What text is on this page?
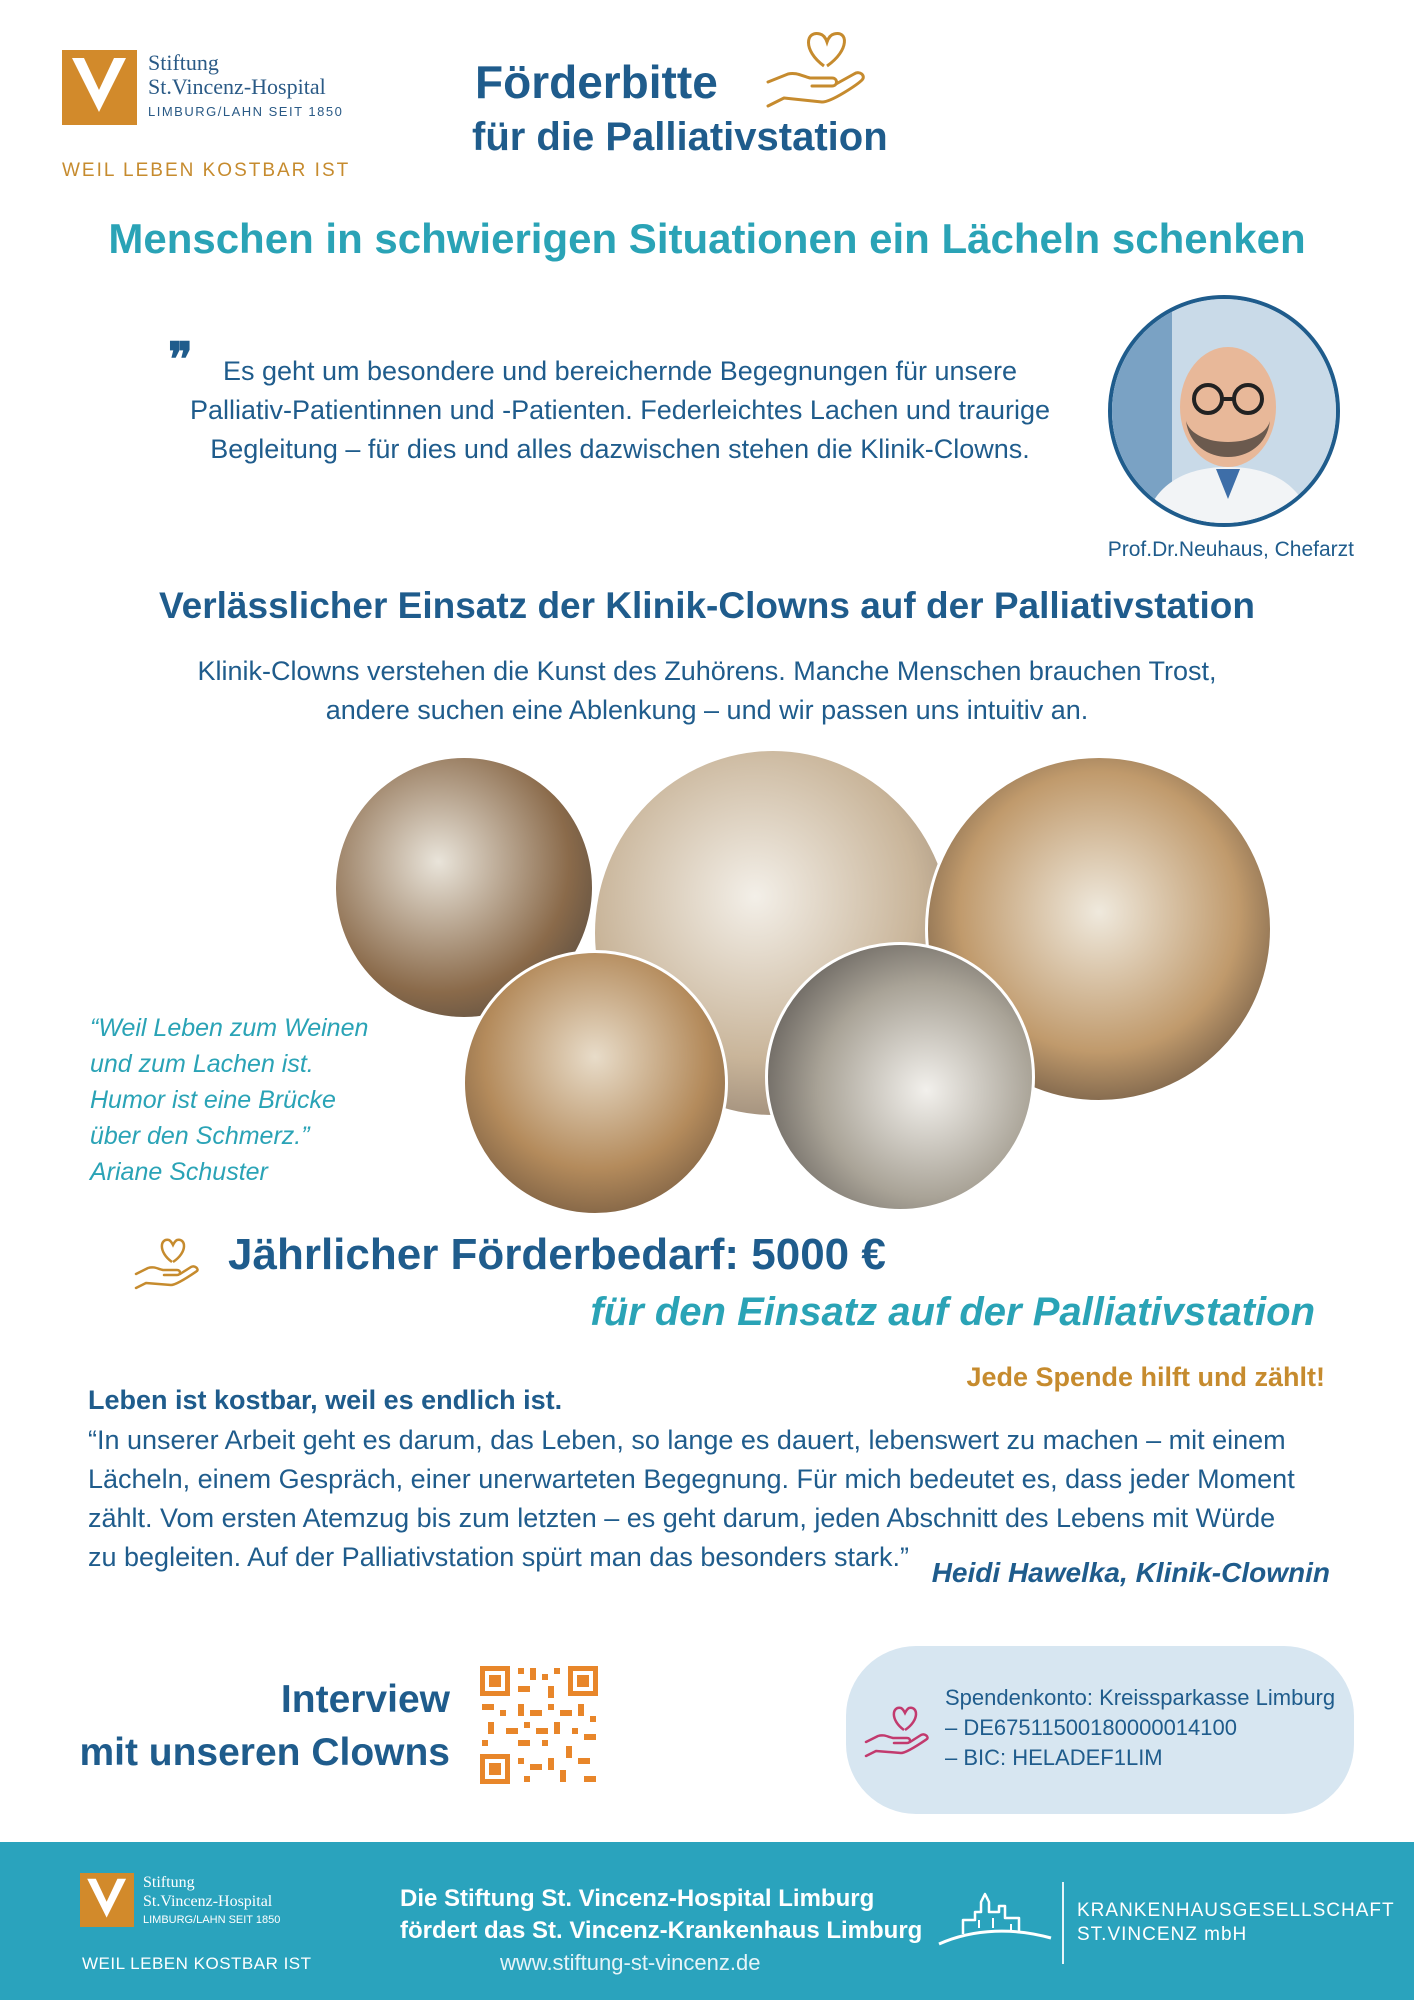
Stiftung
St.Vincenz-Hospital
LIMBURG/LAHN SEIT 1850
WEIL LEBEN KOSTBAR IST
Förderbitte
für die Palliativstation
Menschen in schwierigen Situationen ein Lächeln schenken
❞	Es geht um besondere und bereichernde Begegnungen für unsere
Palliativ-Patientinnen und -Patienten. Federleichtes Lachen und traurige
Begleitung – für dies und alles dazwischen stehen die Klinik-Clowns.
Prof.Dr.Neuhaus, Chefarzt
Verlässlicher Einsatz der Klinik-Clowns auf der Palliativstation
Klinik-Clowns verstehen die Kunst des Zuhörens. Manche Menschen brauchen Trost,
andere suchen eine Ablenkung – und wir passen uns intuitiv an.
“Weil Leben zum Weinen
und zum Lachen ist.
Humor ist eine Brücke
über den Schmerz.”
Ariane Schuster
Jährlicher Förderbedarf: 5000 €
für den Einsatz auf der Palliativstation
Jede Spende hilft und zählt!
Leben ist kostbar, weil es endlich ist.
“In unserer Arbeit geht es darum, das Leben, so lange es dauert, lebenswert zu machen – mit einem
Lächeln, einem Gespräch, einer unerwarteten Begegnung. Für mich bedeutet es, dass jeder Moment
zählt. Vom ersten Atemzug bis zum letzten – es geht darum, jeden Abschnitt des Lebens mit Würde
zu begleiten. Auf der Palliativstation spürt man das besonders stark.” Heidi Hawelka, Klinik-Clownin
Interview
mit unseren Clowns
Spendenkonto: Kreissparkasse Limburg
– DE67511500180000014100
– BIC: HELADEF1LIM
Stiftung
St.Vincenz-Hospital
LIMBURG/LAHN SEIT 1850
WEIL LEBEN KOSTBAR IST
Die Stiftung St. Vincenz-Hospital Limburg
fördert das St. Vincenz-Krankenhaus Limburg
www.stiftung-st-vincenz.de
KRANKENHAUSGESELLSCHAFT
ST.VINCENZ mbH
